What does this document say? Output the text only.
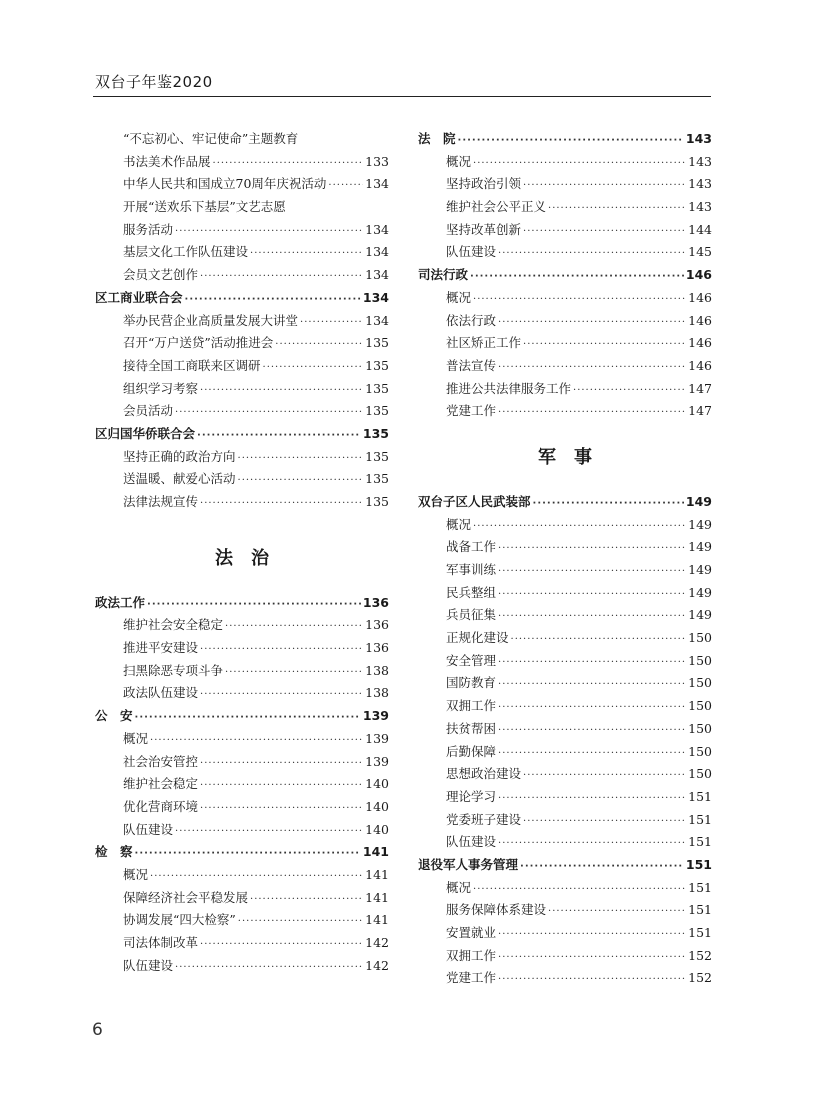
双台子年鉴2020
“不忘初心、牢记使命”主题教育
书法美术作品展 ·····	133
中华人民共和国成立70周年庆祝活动 ·····	134
开展“送欢乐下基层”文艺志愿
服务活动 ·····	134
基层文化工作队伍建设 ·····	134
会员文艺创作 ·····	134
区工商业联合会 ·····	134
举办民营企业高质量发展大讲堂 ·····	134
召开“万户送贷”活动推进会 ·····	135
接待全国工商联来区调研 ·····	135
组织学习考察 ·····	135
会员活动 ·····	135
区归国华侨联合会 ·····	135
坚持正确的政治方向 ·····	135
送温暖、献爱心活动 ·····	135
法律法规宣传 ·····	135
法治
政法工作 ·····	136
维护社会安全稳定 ·····	136
推进平安建设 ·····	136
扫黑除恶专项斗争 ·····	138
政法队伍建设 ·····	138
公　安 ·····	139
概况 ·····	139
社会治安管控 ·····	139
维护社会稳定 ·····	140
优化营商环境 ·····	140
队伍建设 ·····	140
检　察 ·····	141
概况 ·····	141
保障经济社会平稳发展 ·····	141
协调发展“四大检察” ·····	141
司法体制改革 ·····	142
队伍建设 ·····	142
法　院 ·····	143
概况 ·····	143
坚持政治引领 ·····	143
维护社会公平正义 ·····	143
坚持改革创新 ·····	144
队伍建设 ·····	145
司法行政 ·····	146
概况 ·····	146
依法行政 ·····	146
社区矫正工作 ·····	146
普法宣传 ·····	146
推进公共法律服务工作 ·····	147
党建工作 ·····	147
军事
双台子区人民武装部 ·····	149
概况 ·····	149
战备工作 ·····	149
军事训练 ·····	149
民兵整组 ·····	149
兵员征集 ·····	149
正规化建设 ·····	150
安全管理 ·····	150
国防教育 ·····	150
双拥工作 ·····	150
扶贫帮困 ·····	150
后勤保障 ·····	150
思想政治建设 ·····	150
理论学习 ·····	151
党委班子建设 ·····	151
队伍建设 ·····	151
退役军人事务管理 ·····	151
概况 ·····	151
服务保障体系建设 ·····	151
安置就业 ·····	151
双拥工作 ·····	152
党建工作 ·····	152
6
